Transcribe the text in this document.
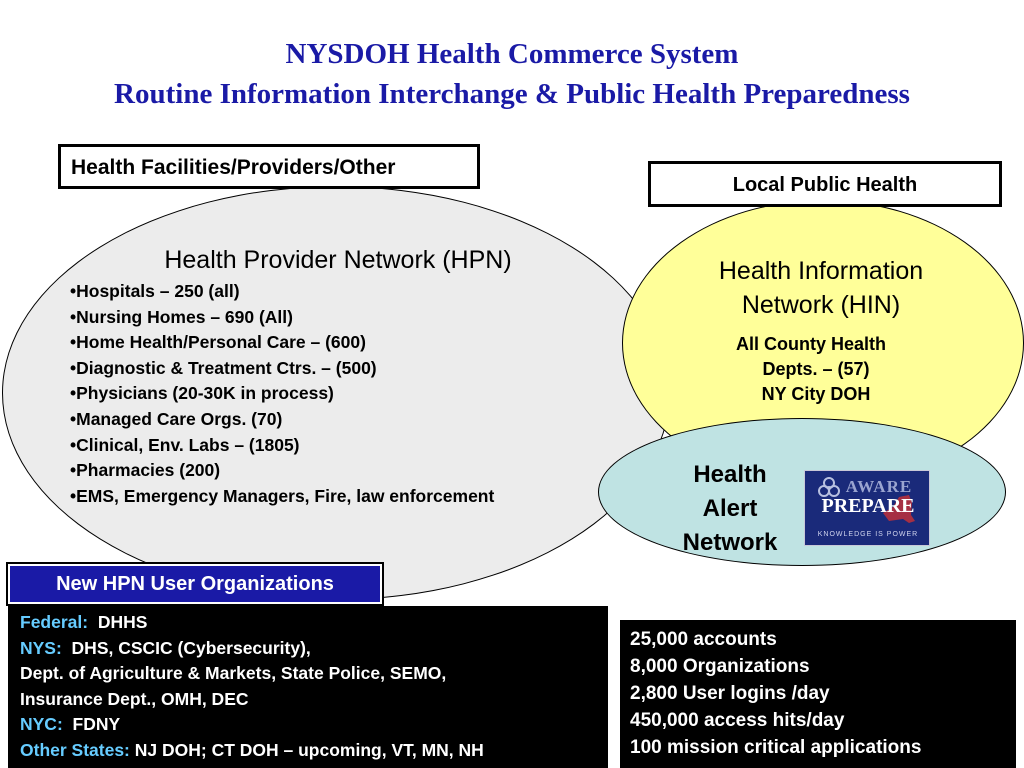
NYSDOH Health Commerce System
Routine Information Interchange & Public Health Preparedness
Health Facilities/Providers/Other
Local Public Health
Health Provider Network (HPN)
•Hospitals – 250 (all)
•Nursing Homes – 690 (All)
•Home Health/Personal Care – (600)
•Diagnostic & Treatment Ctrs. – (500)
•Physicians (20-30K in process)
•Managed Care Orgs. (70)
•Clinical, Env. Labs – (1805)
•Pharmacies (200)
•EMS, Emergency Managers, Fire, law enforcement
Health Information
Network (HIN)
All County Health
Depts. – (57)
NY City DOH
Health
Alert
Network
AWARE
PREPARE
KNOWLEDGE IS POWER
New HPN User Organizations
Federal: DHHS
NYS: DHS, CSCIC (Cybersecurity),
Dept. of Agriculture & Markets, State Police, SEMO,
Insurance Dept., OMH, DEC
NYC: FDNY
Other States: NJ DOH; CT DOH – upcoming, VT, MN, NH
25,000 accounts
8,000 Organizations
2,800 User logins /day
450,000 access hits/day
100 mission critical applications
